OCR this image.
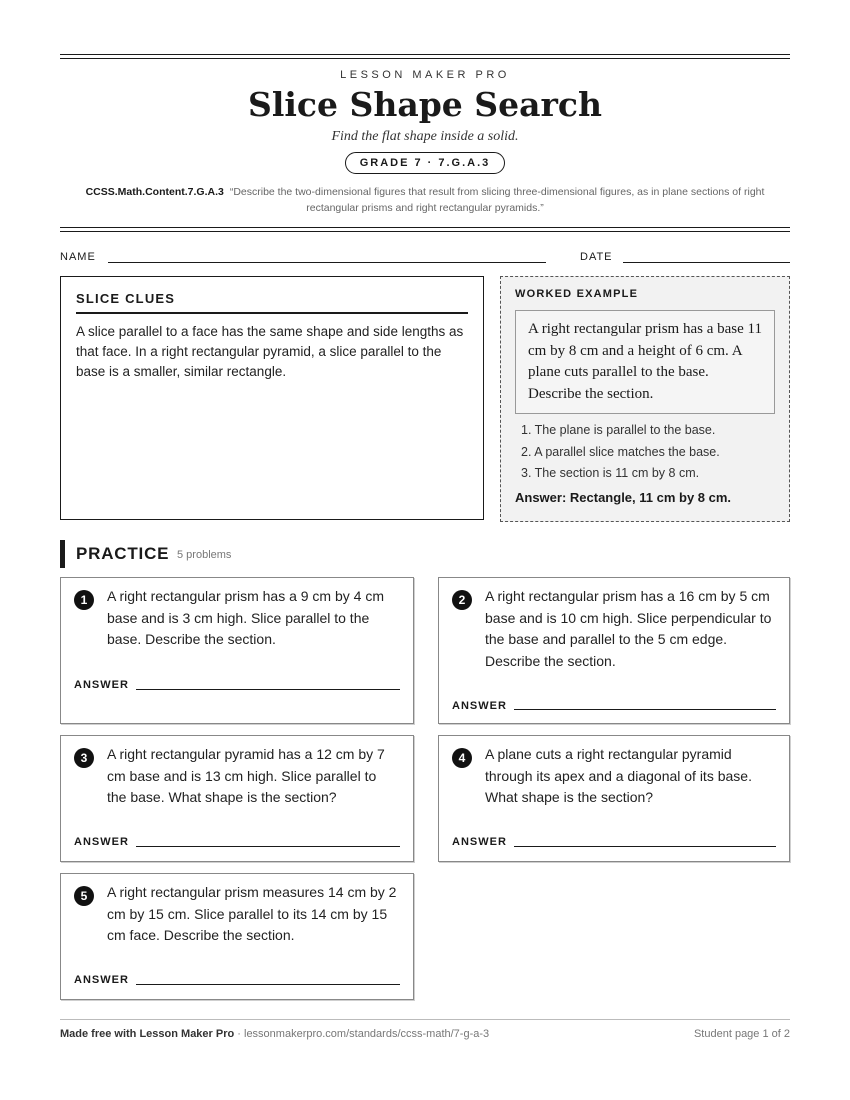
LESSON MAKER PRO
Slice Shape Search
Find the flat shape inside a solid.
GRADE 7 · 7.G.A.3
CCSS.Math.Content.7.G.A.3 “Describe the two-dimensional figures that result from slicing three-dimensional figures, as in plane sections of right rectangular prisms and right rectangular pyramids.”
NAME	DATE
SLICE CLUES
A slice parallel to a face has the same shape and side lengths as that face. In a right rectangular pyramid, a slice parallel to the base is a smaller, similar rectangle.
WORKED EXAMPLE
A right rectangular prism has a base 11 cm by 8 cm and a height of 6 cm. A plane cuts parallel to the base. Describe the section.
1. The plane is parallel to the base.
2. A parallel slice matches the base.
3. The section is 11 cm by 8 cm.
Answer: Rectangle, 11 cm by 8 cm.
PRACTICE 5 problems
1	A right rectangular prism has a 9 cm by 4 cm base and is 3 cm high. Slice parallel to the base. Describe the section.
ANSWER
2	A right rectangular prism has a 16 cm by 5 cm base and is 10 cm high. Slice perpendicular to the base and parallel to the 5 cm edge. Describe the section.
ANSWER
3	A right rectangular pyramid has a 12 cm by 7 cm base and is 13 cm high. Slice parallel to the base. What shape is the section?
ANSWER
4	A plane cuts a right rectangular pyramid through its apex and a diagonal of its base. What shape is the section?
ANSWER
5	A right rectangular prism measures 14 cm by 2 cm by 15 cm. Slice parallel to its 14 cm by 15 cm face. Describe the section.
ANSWER
Made free with Lesson Maker Pro · lessonmakerpro.com/standards/ccss-math/7-g-a-3	Student page 1 of 2
